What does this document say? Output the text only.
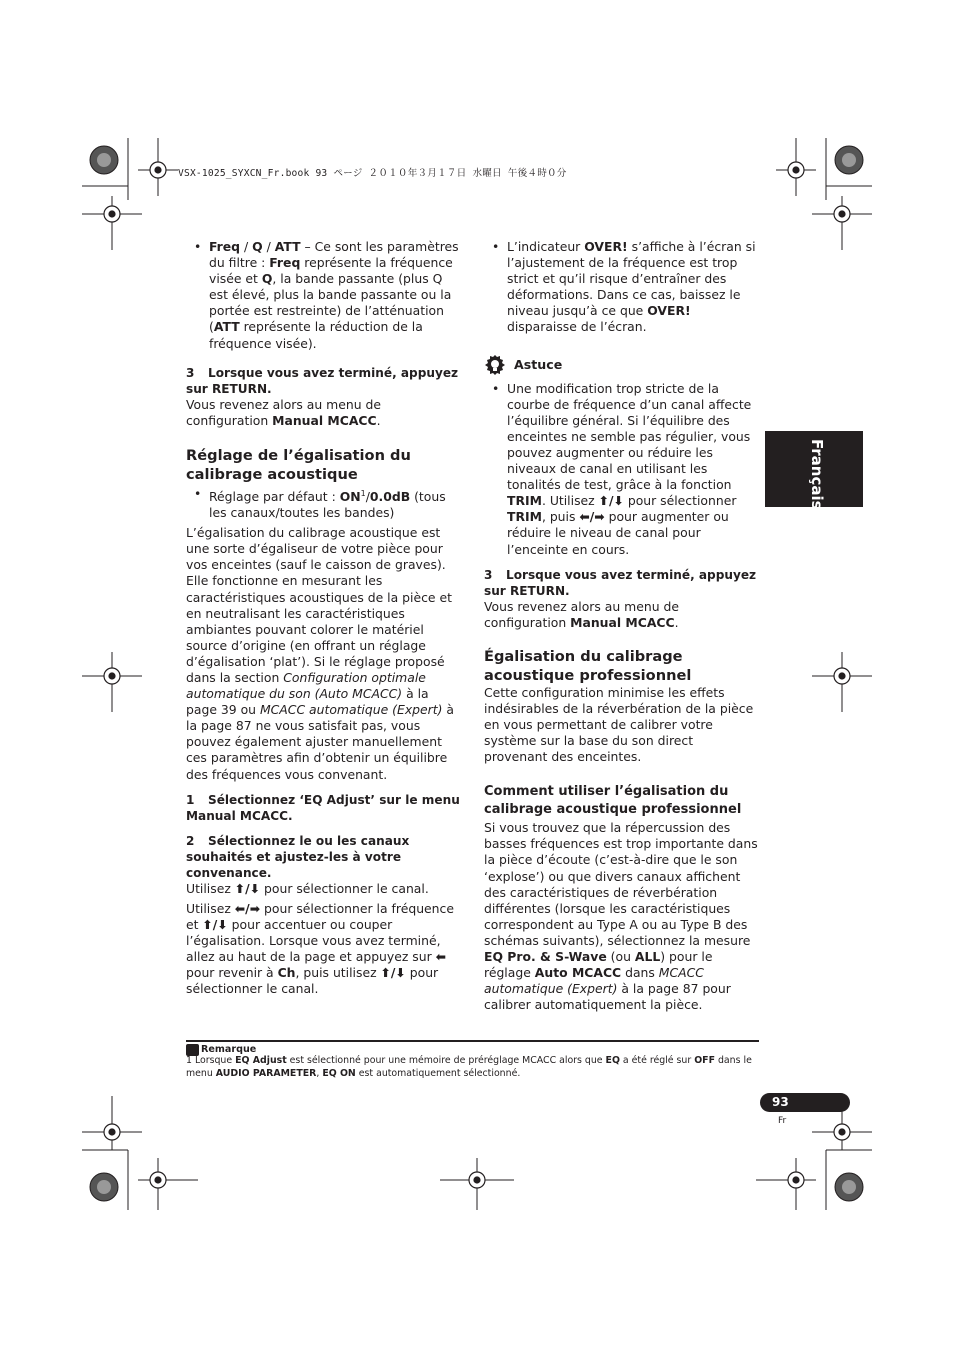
VSX-1025_SYXCN_Fr.book 93 ページ ２０１０年３月１７日 水曜日 午後４時０分
Français

• Freq / Q / ATT – Ce sont les paramètres du filtre : Freq représente la fréquence visée et Q, la bande passante (plus Q est élevé, plus la bande passante ou la portée est restreinte) de l’atténuation (ATT représente la réduction de la fréquence visée).

3 Lorsque vous avez terminé, appuyez sur RETURN.

Vous revenez alors au menu de configuration Manual MCACC.

Réglage de l’égalisation du calibrage acoustique

• Réglage par défaut : $ON^1/0.0dB$ (tous les canaux/toutes les bandes)

L’égalisation du calibrage acoustique est une sorte d’égaliseur de votre pièce pour vos enceintes (sauf le caisson de graves). Elle fonctionne en mesurant les caractéristiques acoustiques de la pièce et en neutralisant les caractéristiques ambiantes pouvant colorer le matériel source d’origine (en offrant un réglage d’égalisation ‘plat’). Si le réglage proposé dans la section Configuration optimale automatique du son (Auto MCACC) à la page 39 ou MCACC automatique (Expert) à la page 87 ne vous satisfait pas, vous pouvez également ajuster manuellement ces paramètres afin d’obtenir un équilibre des fréquences vous convenant.

1 Sélectionnez ‘EQ Adjust’ sur le menu Manual MCACC.

2 Sélectionnez le ou les canaux souhaités et ajustez-les à votre convenance.

Utilisez ⬆/⬇ pour sélectionner le canal.

Utilisez ⬅/➡ pour sélectionner la fréquence et ⬆/⬇ pour accentuer ou couper l’égalisation. Lorsque vous avez terminé, allez au haut de la page et appuyez sur ⬅ pour revenir à Ch, puis utilisez ⬆/⬇ pour sélectionner le canal.

• L’indicateur OVER! s’affiche à l’écran si l’ajustement de la fréquence est trop strict et qu’il risque d’entraîner des déformations. Dans ce cas, baissez le niveau jusqu’à ce que OVER! disparaisse de l’écran.

Astuce

• Une modification trop stricte de la courbe de fréquence d’un canal affecte l’équilibre général. Si l’équilibre des enceintes ne semble pas régulier, vous pouvez augmenter ou réduire les niveaux de canal en utilisant les tonalités de test, grâce à la fonction TRIM. Utilisez ⬆/⬇ pour sélectionner TRIM, puis ⬅/➡ pour augmenter ou réduire le niveau de canal pour l’enceinte en cours.

3 Lorsque vous avez terminé, appuyez sur RETURN.

Vous revenez alors au menu de configuration Manual MCACC.

Égalisation du calibrage acoustique professionnel

Cette configuration minimise les effets indésirables de la réverbération de la pièce en vous permettant de calibrer votre système sur la base du son direct provenant des enceintes.

Comment utiliser l’égalisation du calibrage acoustique professionnel

Si vous trouvez que la répercussion des basses fréquences est trop importante dans la pièce d’écoute (c’est-à-dire que le son ‘explose’) ou que divers canaux affichent des caractéristiques de réverbération différentes (lorsque les caractéristiques correspondent au Type A ou au Type B des schémas suivants), sélectionnez la mesure EQ Pro. & S-Wave (ou ALL) pour le réglage Auto MCACC dans MCACC automatique (Expert) à la page 87 pour calibrer automatiquement la pièce.

Remarque
1 Lorsque EQ Adjust est sélectionné pour une mémoire de préréglage MCACC alors que EQ a été réglé sur OFF dans le menu AUDIO PARAMETER, EQ ON est automatiquement sélectionné.
93
Fr
